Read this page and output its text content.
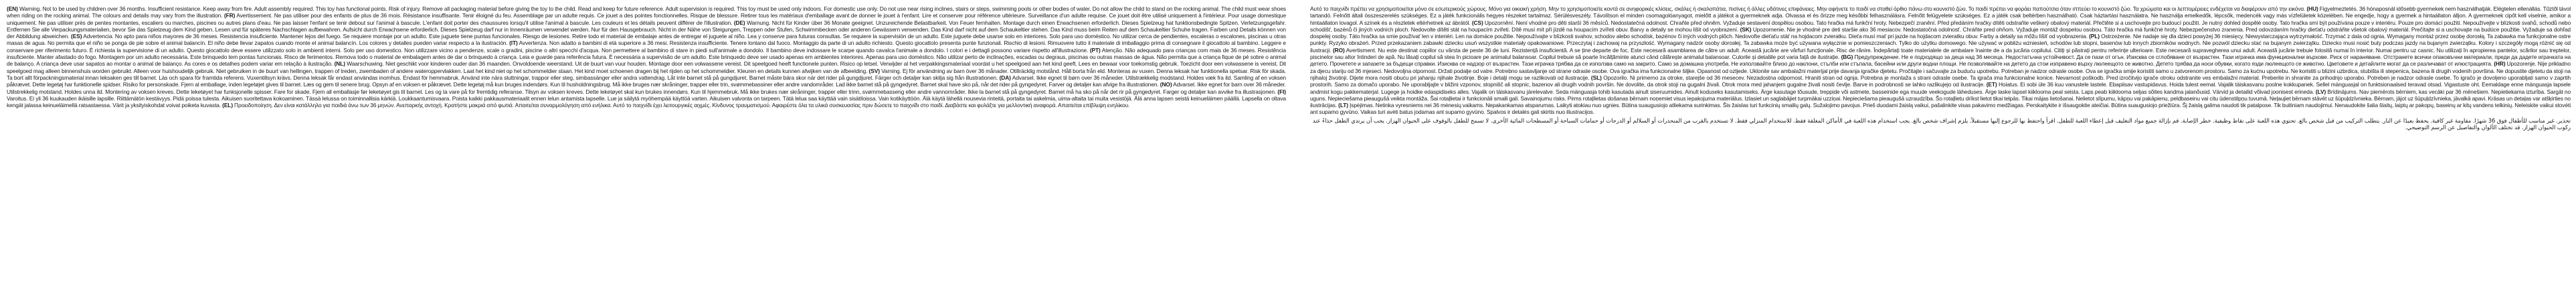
(EN) Warning. Not to be used by children over 36 months. Insufficient resistance. Keep away from fire. Adult assembly required. This toy has functional points. Risk of injury. Remove all packaging material before giving the toy to the child. Read and keep for future reference. Adult supervision is required. This toy must be used only indoors. For domestic use only. Do not use near rising inclines, stairs or steps, swimming pools or other bodies of water. Do not allow the child to stand on the rocking animal. The child must wear shoes when riding on the rocking animal. The colours and details may vary from the illustration. (FR) Avertissement. Ne pas utiliser pour des enfants de plus de 36 mois. Résistance insuffisante. Tenir éloigné du feu. Assemblage par un adulte requis. Ce jouet a des pointes fonctionnelles. Risque de blessure. Retirer tous les matériaux d'emballage avant de donner le jouet à l'enfant. Lire et conserver pour référence ultérieure. Surveillance d'un adulte requise. Ce jouet doit être utilisé uniquement à l'intérieur. Pour usage domestique uniquement. Ne pas utiliser près de pentes montantes, escaliers ou marches, piscines ou autres plans d'eau. Ne pas laisser l'enfant se tenir debout sur l'animal à bascule. L'enfant doit porter des chaussures lorsqu'il utilise l'animal à bascule. Les couleurs et les détails peuvent différer de l'illustration. (DE) Warnung. Nicht für Kinder über 36 Monate geeignet. Unzureichende Belastbarkeit. Von Feuer fernhalten. Montage durch einen Erwachsenen erforderlich. Dieses Spielzeug hat funktionsbedingte Spitzen. Verletzungsgefahr. Entfernen Sie alle Verpackungsmaterialien, bevor Sie das Spielzeug dem Kind geben. Lesen und für späteres Nachschlagen aufbewahren. Aufsicht durch Erwachsene erforderlich. Dieses Spielzeug darf nur in Innenräumen verwendet werden. Nur für den Hausgebrauch. Nicht in der Nähe von Steigungen, Treppen oder Stufen, Schwimmbecken oder anderen Gewässern verwenden. Das Kind darf nicht auf dem Schaukeltier stehen. Das Kind muss beim Reiten auf dem Schaukeltier Schuhe tragen. Farben und Details können von der Abbildung abweichen. (ES) Advertencia. No apto para niños mayores de 36 meses. Resistencia insuficiente. Mantener lejos del fuego. Se requiere montaje por un adulto. Este juguete tiene puntas funcionales. Riesgo de lesiones. Retire todo el material de embalaje antes de entregar el juguete al niño. Lea y conserve para futuras consultas. Se requiere la supervisión de un adulto. Este juguete debe usarse solo en interiores. Solo para uso doméstico. No utilizar cerca de pendientes, escaleras o escalones, piscinas u otras masas de agua. No permita que el niño se ponga de pie sobre el animal balancín. El niño debe llevar zapatos cuando monte el animal balancín. Los colores y detalles pueden variar respecto a la ilustración. (IT) Avvertenza. Non adatto a bambini di età superiore a 36 mesi. Resistenza insufficiente. Tenere lontano dal fuoco. Montaggio da parte di un adulto richiesto. Questo giocattolo presenta punte funzionali. Rischio di lesioni. Rimuovere tutto il materiale di imballaggio prima di consegnare il giocattolo al bambino. Leggere e conservare per riferimento futuro. È richiesta la supervisione di un adulto. Questo giocattolo deve essere utilizzato solo in ambienti interni. Solo per uso domestico. Non utilizzare vicino a pendenze, scale o gradini, piscine o altri specchi d'acqua. Non permettere al bambino di stare in piedi sull'animale a dondolo. Il bambino deve indossare le scarpe quando cavalca l'animale a dondolo. I colori e i dettagli possono variare rispetto all'illustrazione. (PT) Atenção. Não adequado para crianças com mais de 36 meses. Resistência insuficiente. Manter afastado do fogo. Montagem por um adulto necessária. Este brinquedo tem pontas funcionais. Risco de ferimentos. Remova todo o material de embalagem antes de dar o brinquedo à criança. Leia e guarde para referência futura. É necessária a supervisão de um adulto. Este brinquedo deve ser usado apenas em ambientes interiores. Apenas para uso doméstico. Não utilizar perto de inclinações, escadas ou degraus, piscinas ou outras massas de água. Não permita que a criança fique de pé sobre o animal de balanço. A criança deve usar sapatos ao montar o animal de balanço. As cores e os detalhes podem variar em relação à ilustração. (NL) Waarschuwing. Niet geschikt voor kinderen ouder dan 36 maanden. Onvoldoende weerstand. Uit de buurt van vuur houden. Montage door een volwassene vereist. Dit speelgoed heeft functionele punten. Risico op letsel. Verwijder al het verpakkingsmateriaal voordat u het speelgoed aan het kind geeft. Lees en bewaar voor toekomstig gebruik. Toezicht door een volwassene is vereist. Dit speelgoed mag alleen binnenshuis worden gebruikt. Alleen voor huishoudelijk gebruik. Niet gebruiken in de buurt van hellingen, trappen of treden, zwembaden of andere wateroppervlakken. Laat het kind niet op het schommeldier staan. Het kind moet schoenen dragen bij het rijden op het schommeldier. Kleuren en details kunnen afwijken van de afbeelding. (SV) Varning. Ej för användning av barn över 36 månader. Otillräcklig motstånd. Håll borta från eld. Monteras av vuxen. Denna leksak har funktionella spetsar. Risk för skada. Ta bort allt förpackningsmaterial innan leksaken ges till barnet. Läs och spara för framtida referens. Vuxentillsyn krävs. Denna leksak får endast användas inomhus. Endast för hemmabruk. Använd inte nära sluttningar, trappor eller steg, simbassänger eller andra vattendrag. Låt inte barnet stå på gungdjuret. Barnet måste bära skor när det rider på gungdjuret. Färger och detaljer kan skilja sig från illustrationen. (DA) Advarsel. Ikke egnet til børn over 36 måneder. Utilstrækkelig modstand. Holdes væk fra ild. Samling af en voksen påkrævet. Dette legetøj har funktionelle spidser. Risiko for personskade. Fjern al emballage, inden legetøjet gives til barnet. Læs og gem til senere brug. Opsyn af en voksen er påkrævet. Dette legetøj må kun bruges indendørs. Kun til husholdningsbrug. Må ikke bruges nær skråninger, trapper eller trin, svømmebassiner eller andre vandområder. Lad ikke barnet stå på gyngedyret. Barnet skal have sko på, når det rider på gyngedyret. Farver og detaljer kan afvige fra illustrationen. (NO) Advarsel. Ikke egnet for barn over 36 måneder. Utilstrekkelig motstand. Holdes unna ild. Montering av voksen kreves. Dette leketøyet har funksjonelle spisser. Fare for skade. Fjern all emballasje før leketøyet gis til barnet. Les og ta vare på for fremtidig referanse. Tilsyn av voksen kreves. Dette leketøyet skal kun brukes innendørs. Kun til hjemmebruk. Må ikke brukes nær skråninger, trapper eller trinn, svømmebasseng eller andre vannområder. Ikke la barnet stå på gyngedyret. Barnet må ha sko på når det rir på gyngedyret. Farger og detaljer kan avvike fra illustrasjonen. (FI) Varoitus. Ei yli 36 kuukauden ikäisille lapsille. Riittämätön kestävyys. Pidä poissa tulesta. Aikuisen suoritettava kokoaminen. Tässä lelussa on toiminnallisia kärkiä. Loukkaantumisvaara. Poista kaikki pakkausmateriaalit ennen lelun antamista lapselle. Lue ja säilytä myöhempää käyttöä varten. Aikuisen valvonta on tarpeen. Tätä lelua saa käyttää vain sisätiloissa. Vain kotikäyttöön. Älä käytä lähellä nousevia rinteitä, portaita tai askelmia, uima-altaita tai muita vesistöjä. Älä anna lapsen seistä keinueläimen päällä. Lapsella on oltava kengät jalassa keinueläimellä ratsastaessa. Värit ja yksityiskohdat voivat poiketa kuvasta. (EL) Προειδοποίηση. Δεν είναι κατάλληλο για παιδιά άνω των 36 μηνών. Ανεπαρκής αντοχή. Κρατήστε μακριά από φωτιά. Απαιτείται συναρμολόγηση από ενήλικα. Αυτό το παιχνίδι έχει λειτουργικές αιχμές. Κίνδυνος τραυματισμού. Αφαιρέστε όλα τα υλικά συσκευασίας πριν δώσετε το παιχνίδι στο παιδί. Διαβάστε και φυλάξτε για μελλοντική αναφορά. Απαιτείται επίβλεψη ενηλίκου.
Αυτό το παιχνίδι πρέπει να χρησιμοποιείται μόνο σε εσωτερικούς χώρους. Μόνο για οικιακή χρήση. Μην το χρησιμοποιείτε κοντά σε ανηφορικές κλίσεις, σκάλες ή σκαλοπάτια, πισίνες ή άλλες υδάτινες επιφάνειες. Μην αφήνετε το παιδί να σταθεί όρθιο πάνω στο κουνιστό ζώο. Το παιδί πρέπει να φοράει παπούτσια όταν ιππεύει το κουνιστό ζώο. Τα χρώματα και οι λεπτομέρειες ενδέχεται να διαφέρουν από την εικόνα. (HU) Figyelmeztetés. 36 hónaposnál idősebb gyermekek nem használhatják. Elégtelen ellenállás. Tűztől távol tartandó. Felnőtt általi összeszerelés szükséges. Ez a játék funkcionális hegyes részeket tartalmaz. Sérülésveszély. Távolítson el minden csomagolóanyagot, mielőtt a játékot a gyermeknek adja. Olvassa el és őrizze meg későbbi felhasználásra. Felnőtt felügyelete szükséges. Ez a játék csak beltérben használható. Csak háztartási használatra. Ne használja emelkedők, lépcsők, medencék vagy más vízfelületek közelében. Ne engedje, hogy a gyermek a hintaállaton álljon. A gyermeknek cipőt kell viselnie, amikor a hintaállaton lovagol. A színek és a részletek eltérhetnek az ábrától. (CS) Upozornění. Není vhodné pro děti starší 36 měsíců. Nedostatečná odolnost. Chraňte před ohněm. Vyžaduje sestavení dospělou osobou. Tato hračka má funkční hroty. Nebezpečí zranění. Před předáním hračky dítěti odstraňte veškerý obalový materiál. Přečtěte si a uschovejte pro budoucí použití. Je nutný dohled dospělé osoby. Tato hračka smí být používána pouze v interiéru. Pouze pro domácí použití. Nepoužívejte v blízkosti svahů, schodů nebo schodišť, bazénů či jiných vodních ploch. Nedovolte dítěti stát na houpacím zvířeti. Dítě musí mít při jízdě na houpacím zvířeti obuv. Barvy a detaily se mohou lišit od vyobrazení. (SK) Upozornenie. Nie je vhodné pre deti staršie ako 36 mesiacov. Nedostatočná odolnosť. Chráňte pred ohňom. Vyžaduje montáž dospelou osobou. Táto hračka má funkčné hroty. Nebezpečenstvo zranenia. Pred odovzdaním hračky dieťaťu odstráňte všetok obalový materiál. Prečítajte si a uschovajte na budúce použitie. Vyžaduje sa dohľad dospelej osoby. Táto hračka sa smie používať len v interiéri. Len na domáce použitie. Nepoužívajte v blízkosti svahov, schodov alebo schodísk, bazénov či iných vodných plôch. Nedovoľte dieťaťu stáť na hojdacom zvieratku. Dieťa musí mať pri jazde na hojdacom zvieratku obuv. Farby a detaily sa môžu líšiť od vyobrazenia. (PL) Ostrzeżenie. Nie nadaje się dla dzieci powyżej 36 miesięcy. Niewystarczająca wytrzymałość. Trzymać z dala od ognia. Wymagany montaż przez osobę dorosłą. Ta zabawka ma funkcjonalne ostre punkty. Ryzyko obrażeń. Przed przekazaniem zabawki dziecku usuń wszystkie materiały opakowaniowe. Przeczytaj i zachowaj na przyszłość. Wymagany nadzór osoby dorosłej. Ta zabawka może być używana wyłącznie w pomieszczeniach. Tylko do użytku domowego. Nie używać w pobliżu wzniesień, schodów lub stopni, basenów lub innych zbiorników wodnych. Nie pozwól dziecku stać na bujanym zwierzątku. Dziecko musi nosić buty podczas jazdy na bujanym zwierzątku. Kolory i szczegóły mogą różnić się od ilustracji. (RO) Avertisment. Nu este destinat copiilor cu vârsta de peste 36 de luni. Rezistență insuficientă. A se ține departe de foc. Este necesară asamblarea de către un adult. Această jucărie are vârfuri funcționale. Risc de rănire. Îndepărtați toate materialele de ambalare înainte de a da jucăria copilului. Citiți și păstrați pentru referințe ulterioare. Este necesară supravegherea unui adult. Această jucărie trebuie folosită numai în interior. Numai pentru uz casnic. Nu utilizați în apropierea pantelor, scărilor sau treptelor, piscinelor sau altor întinderi de apă. Nu lăsați copilul să stea în picioare pe animalul balansoar. Copilul trebuie să poarte încălțăminte atunci când călărește animalul balansoar. Culorile și detaliile pot varia față de ilustrație. (BG) Предупреждение. Не е подходящо за деца над 36 месеца. Недостатъчна устойчивост. Да се пази от огън. Изисква се сглобяване от възрастен. Тази играчка има функционални върхове. Риск от нараняване. Отстранете всички опаковъчни материали, преди да дадете играчката на детето. Прочетете и запазете за бъдещи справки. Изисква се надзор от възрастен. Тази играчка трябва да се използва само на закрито. Само за домашна употреба. Не използвайте близо до наклони, стълби или стъпала, басейни или други водни площи. Не позволявайте на детето да стои изправено върху люлеещото се животно. Детето трябва да носи обувки, когато язди люлеещото се животно. Цветовете и детайлите могат да се различават от илюстрацията. (HR) Upozorenje. Nije prikladno za djecu stariju od 36 mjeseci. Nedovoljna otpornost. Držati podalje od vatre. Potrebno sastavljanje od strane odrasle osobe. Ova igračka ima funkcionalne šiljke. Opasnost od ozljede. Uklonite sav ambalažni materijal prije davanja igračke djetetu. Pročitajte i sačuvajte za buduću upotrebu. Potreban je nadzor odrasle osobe. Ova se igračka smije koristiti samo u zatvorenom prostoru. Samo za kućnu upotrebu. Ne koristiti u blizini uzbrdica, stubišta ili stepenica, bazena ili drugih vodenih površina. Ne dopustite djetetu da stoji na njihaloj životinji. Dijete mora nositi obuću pri jahanju njihale životinje. Boje i detalji mogu se razlikovati od ilustracije. (SL) Opozorilo. Ni primerno za otroke, starejše od 36 mesecev. Nezadostna odpornost. Hraniti stran od ognja. Potrebna je montaža s strani odrasle osebe. Ta igrača ima funkcionalne konice. Nevarnost poškodb. Pred izročitvijo igrače otroku odstranite ves embalažni material. Preberite in shranite za prihodnjo uporabo. Potreben je nadzor odrasle osebe. To igračo je dovoljeno uporabljati samo v zaprtih prostorih. Samo za domačo uporabo. Ne uporabljajte v bližini vzponov, stopnišč ali stopnic, bazenov ali drugih vodnih površin. Ne dovolite, da otrok stoji na gugalni živali. Otrok mora med jahanjem gugalne živali nositi čevlje. Barve in podrobnosti se lahko razlikujejo od ilustracije. (ET) Hoiatus. Ei sobi üle 36 kuu vanustele lastele. Ebapiisav vastupidavus. Hoida tulest eemal. Vajalik täiskasvanu poolne kokkupanek. Sellel mänguasjal on funktsionaalsed teravad otsad. Vigastuste oht. Eemaldage enne mänguasja lapsele andmist kogu pakkematerjal. Lugege ja hoidke edaspidiseks alles. Vajalik on täiskasvanu järelevalve. Seda mänguasja tohib kasutada ainult siseruumides. Ainult koduseks kasutamiseks. Ärge kasutage tõusude, treppide või astmete, basseinide ega muude veekogude läheduses. Ärge laske lapsel kiiklooma peal seista. Laps peab kiiklooma seljas sõites kandma jalanõusid. Värvid ja detailid võivad joonisest erineda. (LV) Brīdinājums. Nav piemērots bērniem, kas vecāki par 36 mēnešiem. Nepietiekama izturība. Sargāt no uguns. Nepieciešama pieaugušā veikta montāža. Šai rotaļlietai ir funkcionāli smaili gali. Savainojumu risks. Pirms rotaļlietas došanas bērnam noņemiet visus iepakojuma materiālus. Izlasiet un saglabājiet turpmākai uzziņai. Nepieciešama pieaugušā uzraudzība. Šo rotaļlietu drīkst lietot tikai telpās. Tikai mājas lietošanai. Nelietot slīpumu, kāpņu vai pakāpienu, peldbaseinu vai citu ūdenstilpņu tuvumā. Neļaujiet bērnam stāvēt uz šūpuļdzīvnieka. Bērnam, jājot uz šūpuļdzīvnieka, jāvalkā apavi. Krāsas un detaļas var atšķirties no ilustrācijas. (LT) Įspėjimas. Netinka vyresniems nei 36 mėnesių vaikams. Nepakankamas atsparumas. Laikyti atokiau nuo ugnies. Būtina suaugusiojo atliekama surinkimas. Šis žaislas turi funkcinių smailių galų. Sužalojimo pavojus. Prieš duodami žaislą vaikui, pašalinkite visas pakavimo medžiagas. Perskaitykite ir išsaugokite ateičiai. Būtina suaugusiojo priežiūra. Šį žaislą galima naudoti tik patalpose. Tik buitiniam naudojimui. Nenaudokite šalia šlaitų, laiptų ar pakopų, baseinų ar kitų vandens telkinių. Neleiskite vaikui stovėti ant supamo gyvūno. Vaikas turi avėti batus jodamas ant supamo gyvūno. Spalvos ir detalės gali skirtis nuo iliustracijos.
تحذير. غير مناسب للأطفال فوق 36 شهرًا. مقاومة غير كافية. يحفظ بعيدًا عن النار. يتطلب التركيب من قبل شخص بالغ. تحتوي هذه اللعبة على نقاط وظيفية. خطر الإصابة. قم بإزالة جميع مواد التغليف قبل إعطاء اللعبة للطفل. اقرأ واحتفظ بها للرجوع إليها مستقبلاً. يلزم إشراف شخص بالغ. يجب استخدام هذه اللعبة في الأماكن المغلقة فقط. للاستخدام المنزلي فقط. لا تستخدم بالقرب من المنحدرات أو السلالم أو الدرجات أو حمامات السباحة أو المسطحات المائية الأخرى. لا تسمح للطفل بالوقوف على الحيوان الهزاز. يجب أن يرتدي الطفل حذاءً عند ركوب الحيوان الهزاز. قد تختلف الألوان والتفاصيل عن الرسم التوضيحي.
